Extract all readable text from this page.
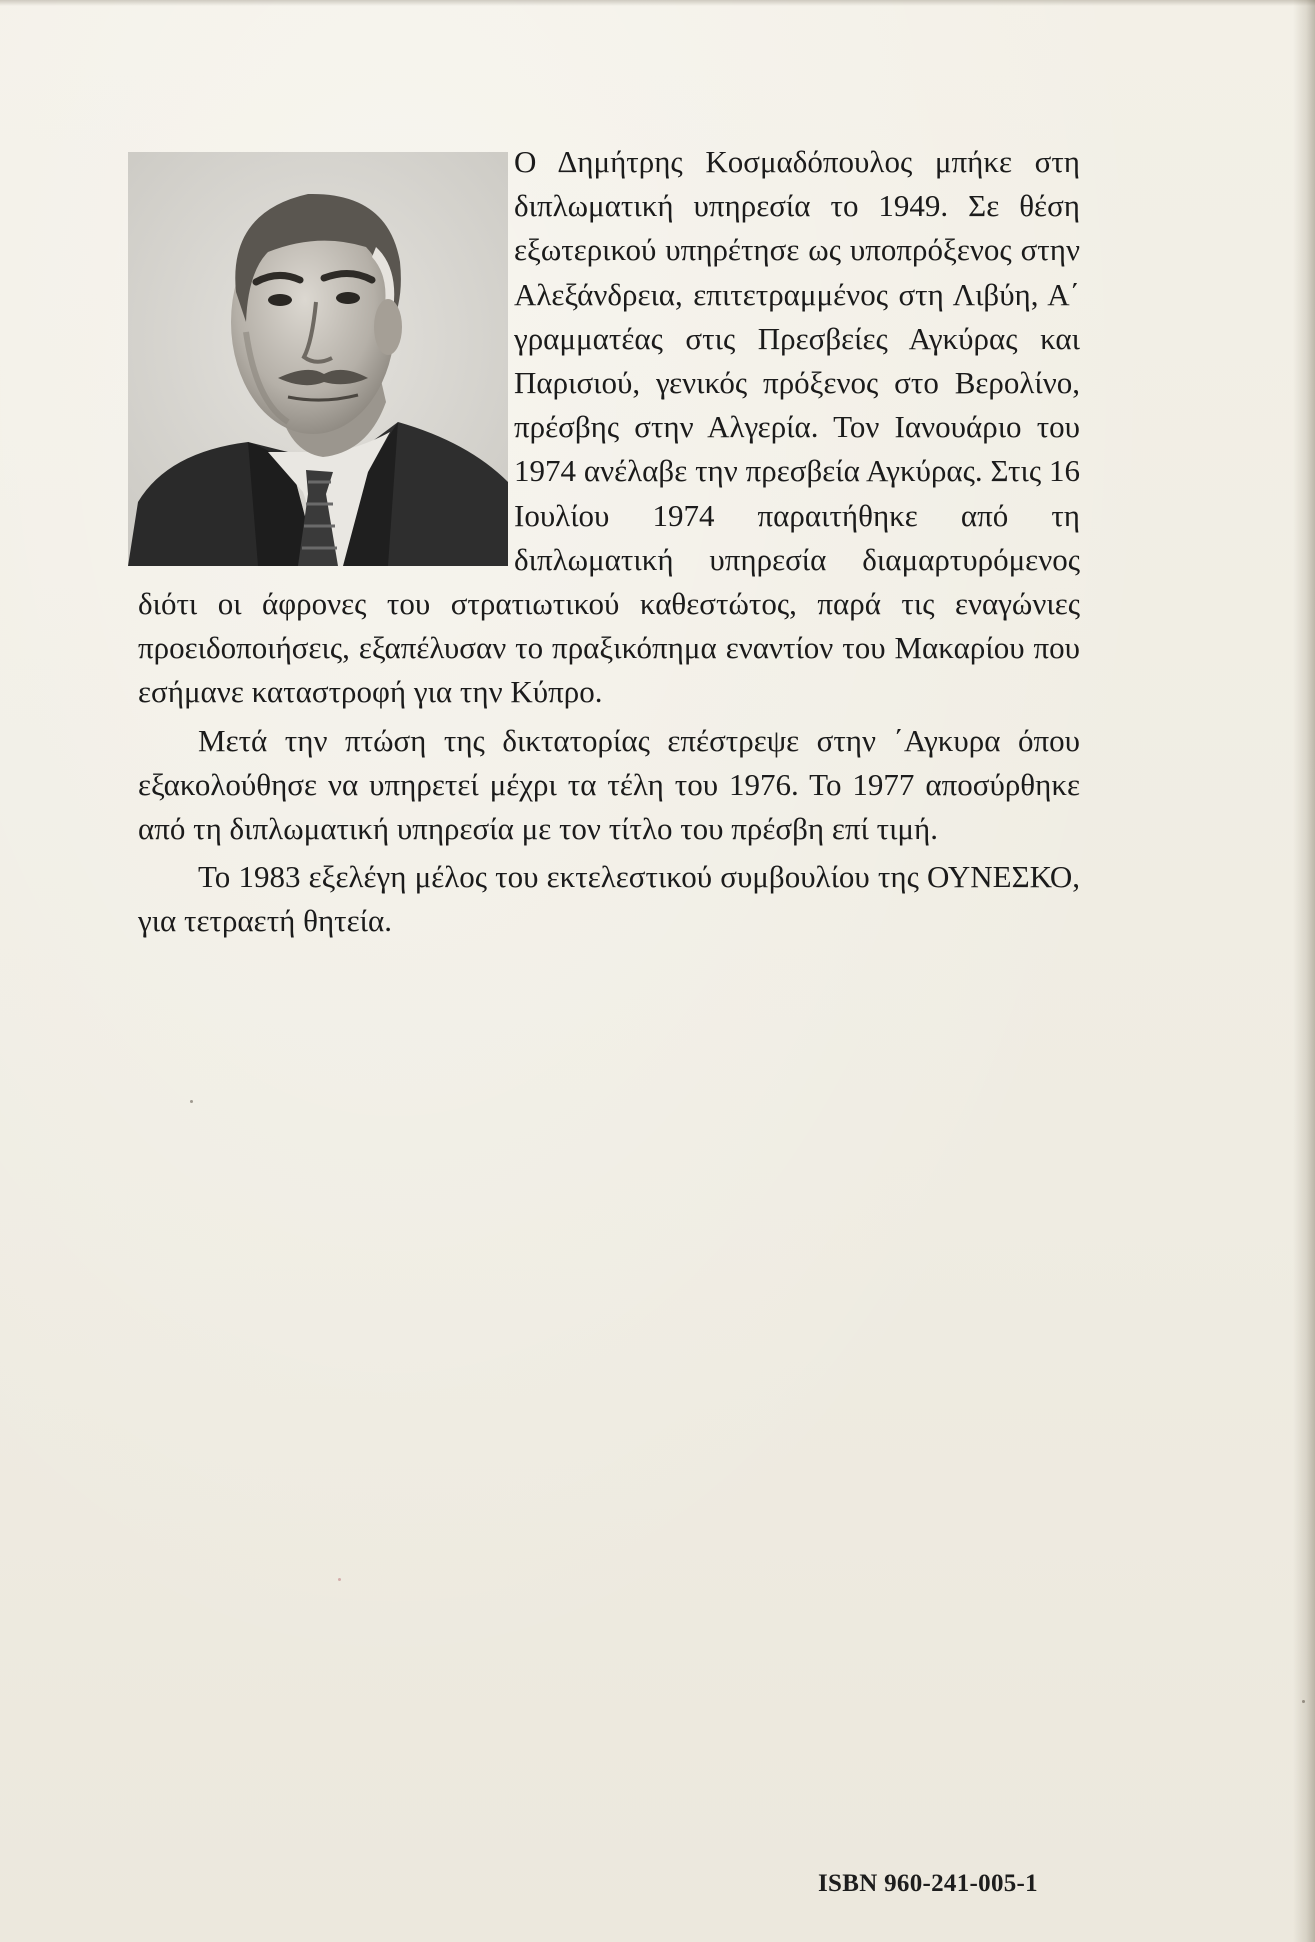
Ο Δημήτρης Κοσμαδόπουλος μπήκε στη διπλωματική υπηρεσία το 1949. Σε θέση εξωτερικού υπηρέτησε ως υποπρόξενος στην Αλεξάνδρεια, επιτετραμμένος στη Λιβύη, Α΄ γραμματέας στις Πρεσβείες Αγκύρας και Παρισιού, γενικός πρόξενος στο Βερολίνο, πρέσβης στην Αλγερία. Τον Ιανουάριο του 1974 ανέλαβε την πρεσβεία Αγκύρας. Στις 16 Ιουλίου 1974 παραιτήθηκε από τη διπλωματική υπηρεσία διαμαρτυρόμενος διότι οι άφρονες του στρατιωτικού καθεστώτος, παρά τις εναγώνιες προειδοποιήσεις, εξαπέλυσαν το πραξικόπημα εναντίον του Μακαρίου που εσήμανε καταστροφή για την Κύπρο.

Μετά την πτώση της δικτατορίας επέστρεψε στην ΄Αγκυρα όπου εξακολούθησε να υπηρετεί μέχρι τα τέλη του 1976. Το 1977 αποσύρθηκε από τη διπλωματική υπηρεσία με τον τίτλο του πρέσβη επί τιμή.

Το 1983 εξελέγη μέλος του εκτελεστικού συμβουλίου της ΟΥΝΕΣΚΟ, για τετραετή θητεία.

ISBN 960-241-005-1
